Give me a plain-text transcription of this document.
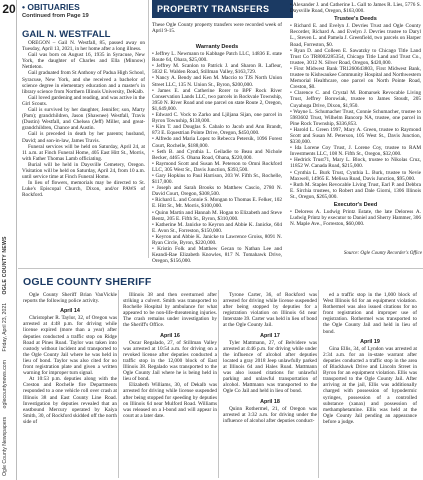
20
Ogle County Newspapers oglecountynews.com Friday, April 23, 2021 OGLE COUNTY NEWS
• OBITUARIES
Continued from Page 19
GAIL N. WESTFALL

OREGON – Gail N. Westfall, 85, passed away on Tuesday, April 13, 2021, in her home after a long illness.

Gail was born on August 16, 1935 in Syracuse, New York, the daughter of Charles and Ella (Minnow) Nettleton.

Gail graduated from St Anthony of Padua High School, Syracuse, New York, and she received a bachelor of science degree in elementary education and a master's in library science from Northern Illinois University, DeKalb.

Gail loved gardening and reading, and was active in the Girl Scouts.

Gail is survived by her daughter, Jennifer; son, Marty (Pam); grandchildren, Jason (Shawnee) Westfall, Travis (Dustin) Westfall, and Chelsea (Jeff) Miller, and great-grandchildren, Chance and Austin.

Gail is preceded in death by her parents; husband, David; and son-in-law, James Travis.

Funeral services will be held on Saturday, April 24, at 11 a.m. at Finch Funeral Home, 405 East Hitt St., Morris, with Father Thomas Lamb officiating.

Burial will be held in Daysville Cemetery, Oregon. Visitation will be held on Saturday, April 24, from 10 a.m. until service time at Finch Funeral Home.

In lieu of flowers, memorials may be directed to St. Luke's Episcopal Church, Dixon, and/or PAWS of Rockford.

PROPERTY TRANSFERS
These Ogle County property transfers were recorded week of April 9-15.
Warranty Deeds

• Jeffrey L. Newmann to Kabbage Patch LLC, 14836 E. state Route 64, Ohara, $25,000.

• Jeffrey M. Scanlon to Patrick J. and Sharon R. Lafleur, 5032 E. Walden Road, Stillman Valley, $163,729.

• Nancy A. Bendy and Ken M. Maccio to TJS North Union Street LLC, 135 N. Union St., Byron, $200,000.

• James E. and Catherine Rorer to BPF Rock River Conservation Lands LLC, two parcels in Rockvale Township, 3950 N. River Road and one parcel on state Route 2, Oregon, $1,649,000.

• Edward C. Vock to Zarko and Ljiljana Sijan, one parcel in Byron Township, $138,000.

• Kim T. and Douglas S. Cabalo to Jacob and Ann Brandt, 873 E. Equestrian Pointe Drive, Oregon, $450,000.

• Alfredo and Maria Lopez to Rebecca Petersik, 1096 Forest Court, Rochelle, $188,000.

• Seth B. and Cynthia L. Geiladie to Beau and Nichole Becker, 4465 S. Ohana Road, Ohana, $220,000.

• Raymond Scott and Susan M. Peterson to Omni Rockford LLC, 305 West St., Davis Junction, $393,500.

• Gary Hopkins to Paul Harrison, 203 W. Fifth St., Rochelle, $117,000.

• Joseph and Sarah Brooks to Matthew Cascio, 2780 N. David Court, Oregon, $308,500.

• Richard L. and Connie S. Mongan to Thomas E. Felker, 102 E. Hitt St., Mt. Morris, $100,000.

• Quinn Martin and Hannah M. Hogan to Elizabeth and Steve Bentz, 205 E. Fifth St., Byron, $310,000.

• Katherine M. Janicke to Keyron and Abbie K. Janicke, 604 E. Avon St., Forreston, $150,000.

• Keyron and Abbie K. Janicke to Lawrence Groiss, 8091 N. Ryan Circle, Byron, $220,000.

• Kristin Folk and Matthew Gecan to Nathan Lee and Keandi-Rae Elizabeth Knowles, 817 N. Tomahawk Drive, Oregon, $156,000.

• Alexander J. and Catherine L. Gall to James R. Lies, 5776 S. Daysville Road, Oregon, $163,000.

Trustee's Deeds

• Richard E. and Evelyn J. Devries Trust and Ogle County Recorder, Richard A. and Evelyn J. Devries trustee to Daryl L., Steven L. and Pamela J. Greenfield, two parcels on Harper Road, Forreston, $0.

• Ryan D. and Colleen E. Sawatzky to Chicago Title Land Trust Co TR8002285354, Chicago Title Land and Trust Co., trustee, 3012 N. Silver Road, Oregon, $420,000.

• First Midwest Bank TR1260643803, First Midwest Bank, trustee to Kishwaukee Community Hospital and Northwestern Memorial Healthcare, one parcel on North Pointe Road, Creston, $0.

• Clarence C. and Crystal M. Bomarsek Revocable Living Trust, Jeffrey Borowiak, trustee to James Stoudt, 205 Cuyahoga Drive, Dixon, $1,950.

• Wayne L. Schumacher Trust, Connie Schumacher, trustee to 5983602 Trust, Wilhelm Bancorp NA, trustee, one parcel in Pine Rock Township, $336,853.

• Harold L. Green 1997, Mary A. Green, trustee to Raymond Scott and Susan M. Peterson, 105 West St., Davis Junction, $330,000.

• Ida Lorene Coy Trust, J. Lorene Coy, trustee to RAM Investments LLC, 108 N. Fifth St., Oregon, $32,000.

• Hedrick Trust71, Mary L. Block, trustee to Nikolas Cruz, 11852 W. Canada Road, $215,000.

• Cynthia L. Burk Trust, Cynthia L. Burk, trustee to Nevie Maxwell, 14965 E. Melissa Road, Davis Junction, $95,000.

• Ruth M. Staples Revocable Living Trust, Earl P. and Debbra E. Sirchia trustees, to Robert and Dale Giorni, 1306 Illinois St., Oregon, $265,000.

Executor's Deed

• Deloress A. Ludwig Printz Estate, the late Deloress A. Ludwig Printz by executor to Daniel and Sherry Hammer, 306 N. Maple Ave., Forreston, $60,000.

Source: Ogle County Recorder's Office
OGLE COUNTY SHERIFF

Ogle County Sheriff Brian VanVickle reports the following police activity.

April 14

Christopher R. Taylor, 32, of Oregon was arrested at 4:48 p.m. for driving while license expired (more than a year) after deputies conducted a traffic stop on Ridge Road at Pines Road. Taylor was taken into custody without incident and transported to the Ogle County Jail where he was held in lieu of bond. Taylor was also cited for no front registration plate and given a written warning for improper turn signal.

At 10:53 p.m. deputies along with the Creston and Rochelle fire Departments responded to a one vehicle roll over crash at Illinois 38 and East County Line Road. Investigation by deputies revealed that an eastbound Mercury operated by Kaiya Smith, 30, of Rockford skidded off the north side of

Illinois 38 and then overturned after striking a culvert. Smith was transported to Rochelle Hospital by ambulance for what appeared to be non-life-threatening injuries. The crash remains under investigation by the Sheriff's Office.

April 16

Oscar Regalado, 27, of Stillman Valley was arrested at 10:54 a.m. for driving on a revoked license after deputies conducted a traffic stop in the 12,000 block of East Illinois 38. Regalado was transported to the Ogle County Jail where he is being held in lieu of bond.

Elizabeth Williams, 30, of Dekalb was arrested for driving while license suspended after being stopped for speeding by deputies on Illinois 64 near Mulford Road. Williams was released on a I-bond and will appear in court at a later date.

Tyrone Carter, 36, of Rockford was arrested for driving while license suspended after being stopped by deputies for a registration violation on Illinois 64 near Interstate 39. Carter was held in lieu of bond at the Ogle County Jail.

April 17

Tyler Mattmann, 27, of Belvidere was arrested at 4:46 p.m. for driving while under the influence of alcohol after deputies located a gray 2018 Jeep unlawfully parked at Illinois 64 and Hales Road. Mattmann was also issued citations for unlawful parking and unlawful transportation of alcohol. Mattmann was transported to the Ogle Co Jail and held in lieu of bond.

April 18

Quinn Rothermel, 21, of Oregon was arrested at 3:32 a.m. for driving under the influence of alcohol after deputies conduct-

ed a traffic stop in the 1,000 block of West Illinois 64 for an equipment violation. Rothermel was also issued citations for no front registration and improper use of registration. Rothermel was transported to the Ogle County Jail and held in lieu of bond.

April 19

Gina Ellis, 34, of Lyndon was arrested at 2:34 a.m. for an in-state warrant after deputies conducted a traffic stop in the area of Blackhawk Drive and Lincoln Street in Byron for an equipment violation. Ellis was transported to the Ogle County Jail. After arriving at the jail, Ellis was additionally charged with possession of hypodermic syringes, possession of a controlled substance (xanax) and possession of methamphetamine. Ellis was held at the Ogle County Jail pending an appearance before a judge.
